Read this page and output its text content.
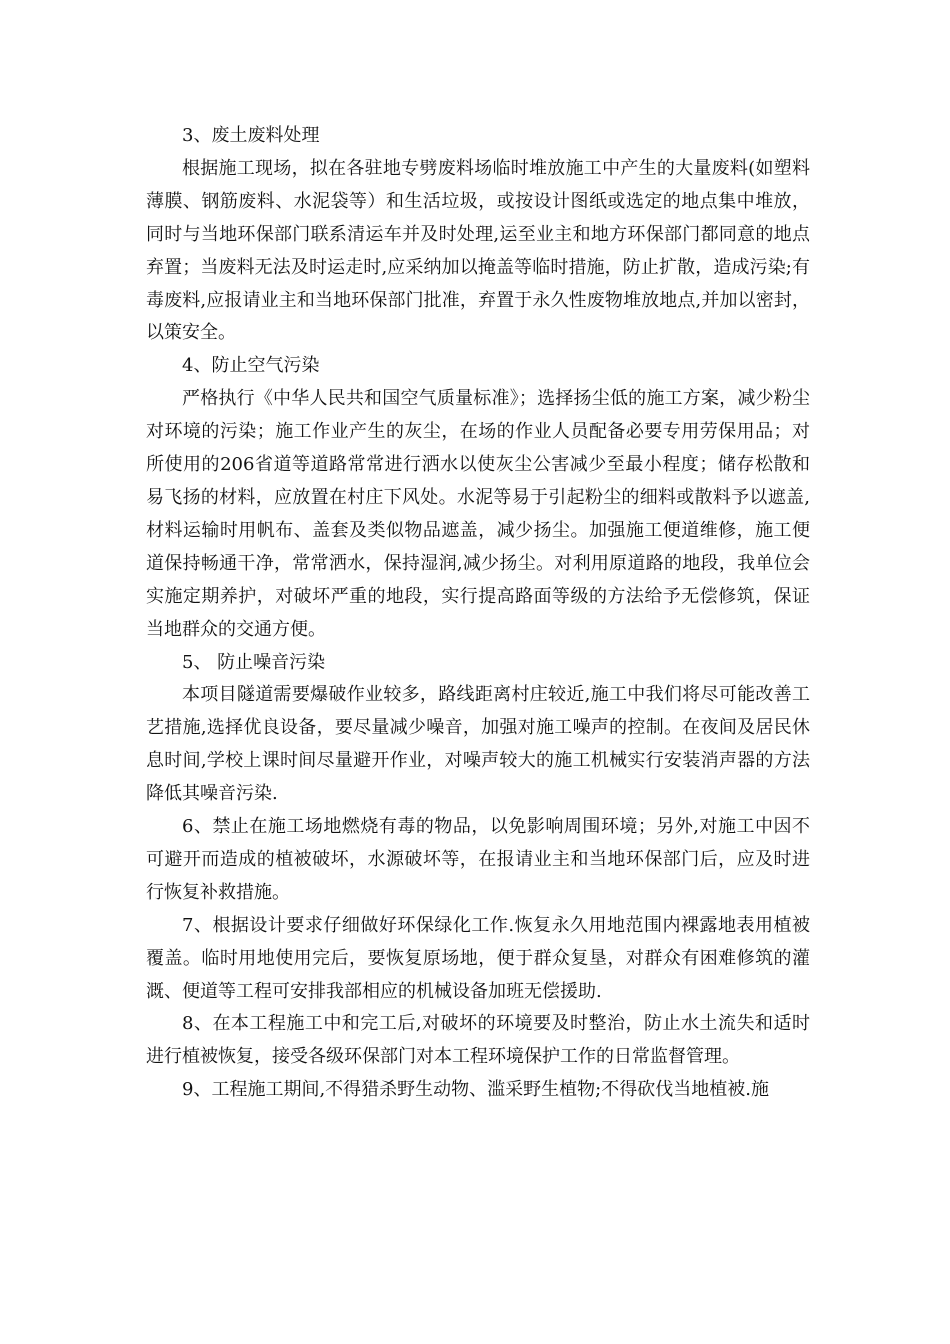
3、废土废料处理

根据施工现场，拟在各驻地专劈废料场临时堆放施工中产生的大量废料(如塑料薄膜、钢筋废料、水泥袋等）和生活垃圾，或按设计图纸或选定的地点集中堆放，同时与当地环保部门联系清运车并及时处理,运至业主和地方环保部门都同意的地点弃置；当废料无法及时运走时,应采纳加以掩盖等临时措施，防止扩散，造成污染;有毒废料,应报请业主和当地环保部门批准，弃置于永久性废物堆放地点,并加以密封，以策安全。

4、防止空气污染

严格执行《中华人民共和国空气质量标准》；选择扬尘低的施工方案，减少粉尘对环境的污染；施工作业产生的灰尘，在场的作业人员配备必要专用劳保用品；对所使用的206省道等道路常常进行洒水以使灰尘公害减少至最小程度；储存松散和易飞扬的材料，应放置在村庄下风处。水泥等易于引起粉尘的细料或散料予以遮盖,材料运输时用帆布、盖套及类似物品遮盖，减少扬尘。加强施工便道维修，施工便道保持畅通干净，常常洒水，保持湿润,减少扬尘。对利用原道路的地段，我单位会实施定期养护，对破坏严重的地段，实行提高路面等级的方法给予无偿修筑，保证当地群众的交通方便。

5、 防止噪音污染

本项目隧道需要爆破作业较多，路线距离村庄较近,施工中我们将尽可能改善工艺措施,选择优良设备，要尽量减少噪音，加强对施工噪声的控制。在夜间及居民休息时间,学校上课时间尽量避开作业，对噪声较大的施工机械实行安装消声器的方法降低其噪音污染.

6、禁止在施工场地燃烧有毒的物品，以免影响周围环境；另外,对施工中因不可避开而造成的植被破坏，水源破坏等，在报请业主和当地环保部门后，应及时进行恢复补救措施。

7、根据设计要求仔细做好环保绿化工作.恢复永久用地范围内裸露地表用植被覆盖。临时用地使用完后，要恢复原场地，便于群众复垦，对群众有困难修筑的灌溉、便道等工程可安排我部相应的机械设备加班无偿援助.

8、在本工程施工中和完工后,对破坏的环境要及时整治，防止水土流失和适时进行植被恢复，接受各级环保部门对本工程环境保护工作的日常监督管理。

9、工程施工期间,不得猎杀野生动物、滥采野生植物;不得砍伐当地植被.施
